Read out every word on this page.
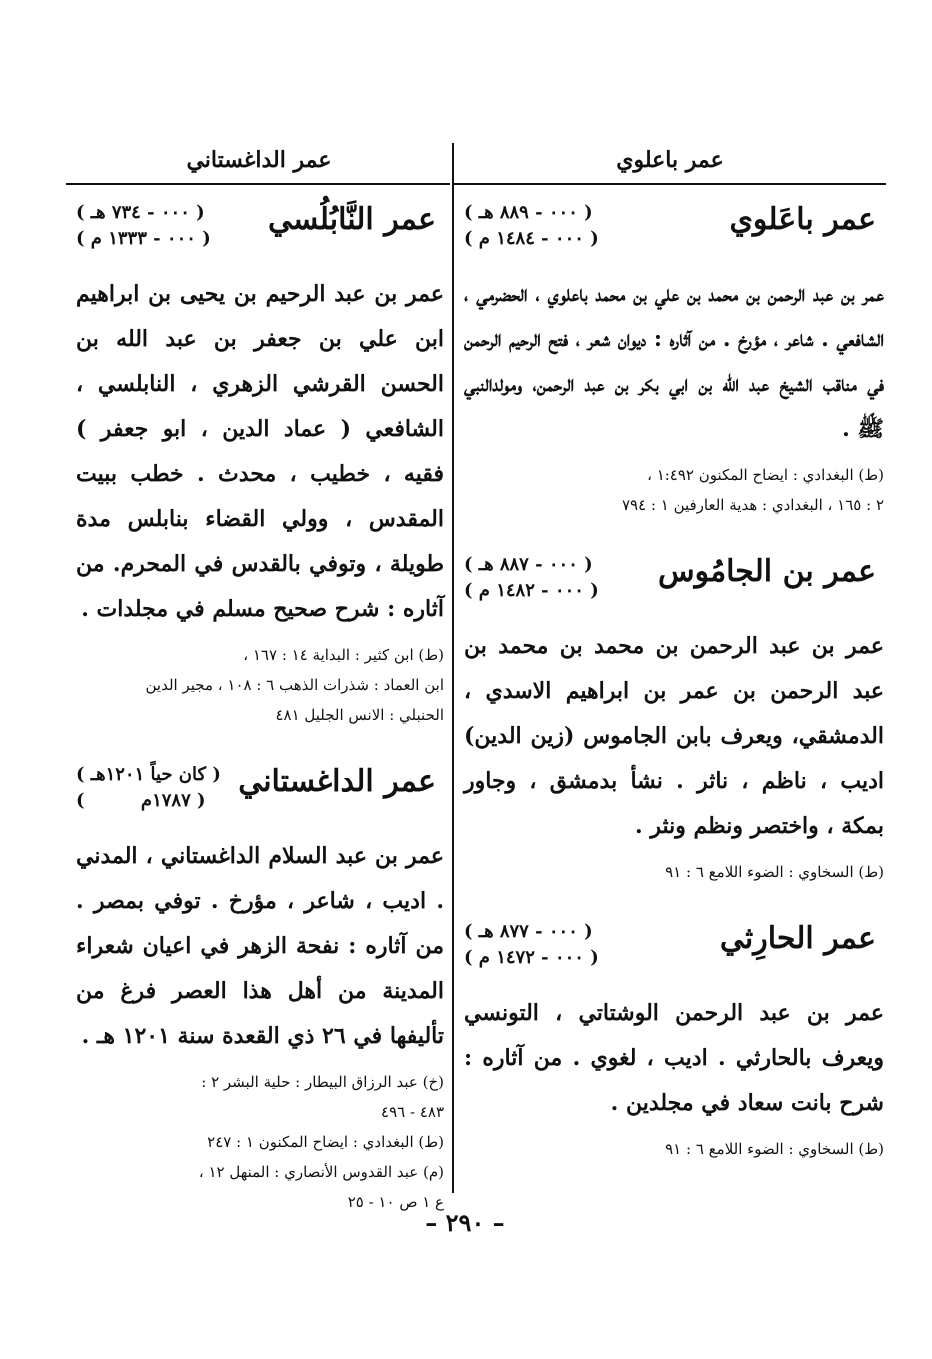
عمر باعلوي
عمر الداغستاني
عمر باعَلوي
( ٠٠٠ - ٨٨٩ هـ )
( ٠٠٠ - ١٤٨٤ م )

عمر بن عبد الرحمن بن محمد بن علي بن محمد باعلوي ، الحضرمي ، الشافعي . شاعر ، مؤرخ . من آثاره : ديوان شعر ، فتح الرحيم الرحمن في مناقب الشيخ عبد الله بن ابي بكر بن عبد الرحمن، ومولدالنبي ﷺ .

(ط) البغدادي : ايضاح المكنون ١:٤٩٢ ،
٢ : ١٦٥ ، البغدادي : هدية العارفين ١ : ٧٩٤

عمر بن الجامُوس
( ٠٠٠ - ٨٨٧ هـ )
( ٠٠٠ - ١٤٨٢ م )

عمر بن عبد الرحمن بن محمد بن محمد بن عبد الرحمن بن عمر بن ابراهيم الاسدي ، الدمشقي، ويعرف بابن الجاموس (زين الدين) اديب ، ناظم ، ناثر . نشأ بدمشق ، وجاور بمكة ، واختصر ونظم ونثر .

(ط) السخاوي : الضوء اللامع ٦ : ٩١

عمر الحارِثي
( ٠٠٠ - ٨٧٧ هـ )
( ٠٠٠ - ١٤٧٢ م )

عمر بن عبد الرحمن الوشتاتي ، التونسي ويعرف بالحارثي . اديب ، لغوي . من آثاره : شرح بانت سعاد في مجلدين .

(ط) السخاوي : الضوء اللامع ٦ : ٩١

عمر النَّابُلُسي
( ٠٠٠ - ٧٣٤ هـ )
( ٠٠٠ - ١٣٣٣ م )

عمر بن عبد الرحيم بن يحيى بن ابراهيم ابن علي بن جعفر بن عبد الله بن الحسن القرشي الزهري ، النابلسي ، الشافعي ( عماد الدين ، ابو جعفر ) فقيه ، خطيب ، محدث . خطب ببيت المقدس ، وولي القضاء بنابلس مدة طويلة ، وتوفي بالقدس في المحرم. من آثاره : شرح صحيح مسلم في مجلدات .

(ط) ابن كثير : البداية ١٤ : ١٦٧ ،
ابن العماد : شذرات الذهب ٦ : ١٠٨ ، مجير الدين
الحنبلي : الانس الجليل ٤٨١

عمر الداغستاني
( كان حياً ١٢٠١هـ )
(         ١٧٨٧م )

عمر بن عبد السلام الداغستاني ، المدني . اديب ، شاعر ، مؤرخ . توفي بمصر . من آثاره : نفحة الزهر في اعيان شعراء المدينة من أهل هذا العصر فرغ من تأليفها في ٢٦ ذي القعدة سنة ١٢٠١ هـ .

(خ) عبد الرزاق البيطار : حلية البشر ٢ :
٤٨٣ - ٤٩٦
(ط) البغدادي : ايضاح المكنون ١ : ٢٤٧
(م) عبد القدوس الأنصاري : المنهل ١٢ ،
ع ١ ص ١٠ - ٢٥

– ٢٩٠ –
